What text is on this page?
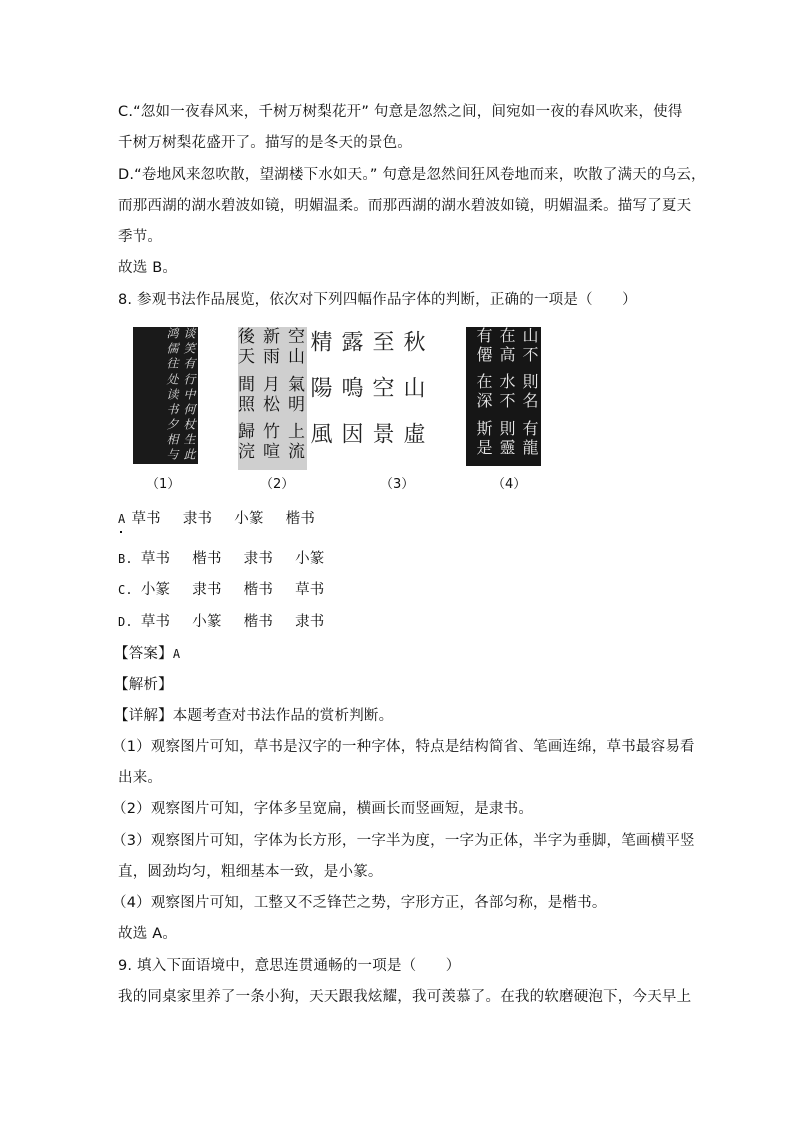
C.“忽如一夜春风来，千树万树梨花开” 句意是忽然之间，间宛如一夜的春风吹来，使得
千树万树梨花盛开了。描写的是冬天的景色。
D.“卷地风来忽吹散，望湖楼下水如天。” 句意是忽然间狂风卷地而来，吹散了满天的乌云，
而那西湖的湖水碧波如镜，明媚温柔。而那西湖的湖水碧波如镜，明媚温柔。描写了夏天
季节。
故选 B。
8. 参观书法作品展览，依次对下列四幅作品字体的判断，正确的一项是（　　）
谈笑有鸿儒往
行中何处读书
杖生此夕相与
空山新雨後天
氣明月松間照
上流竹喧歸浣
秋至露精
山空鳴陽
虛景因風
山不在高有僊
則名水不在深
有龍則靈斯是
（1）	（2）	（3）	（4）
A 草书 隶书 小篆 楷书
B. 草书 楷书 隶书 小篆
C. 小篆 隶书 楷书 草书
D. 草书 小篆 楷书 隶书
【答案】A
【解析】
【详解】本题考查对书法作品的赏析判断。
（1）观察图片可知，草书是汉字的一种字体，特点是结构简省、笔画连绵，草书最容易看
出来。
（2）观察图片可知，字体多呈宽扁，横画长而竖画短，是隶书。
（3）观察图片可知，字体为长方形，一字半为度，一字为正体，半字为垂脚，笔画横平竖
直，圆劲均匀，粗细基本一致，是小篆。
（4）观察图片可知，工整又不乏锋芒之势，字形方正，各部匀称，是楷书。
故选 A。
9. 填入下面语境中，意思连贯通畅的一项是（　　）
我的同桌家里养了一条小狗，天天跟我炫耀，我可羡慕了。在我的软磨硬泡下，今天早上
